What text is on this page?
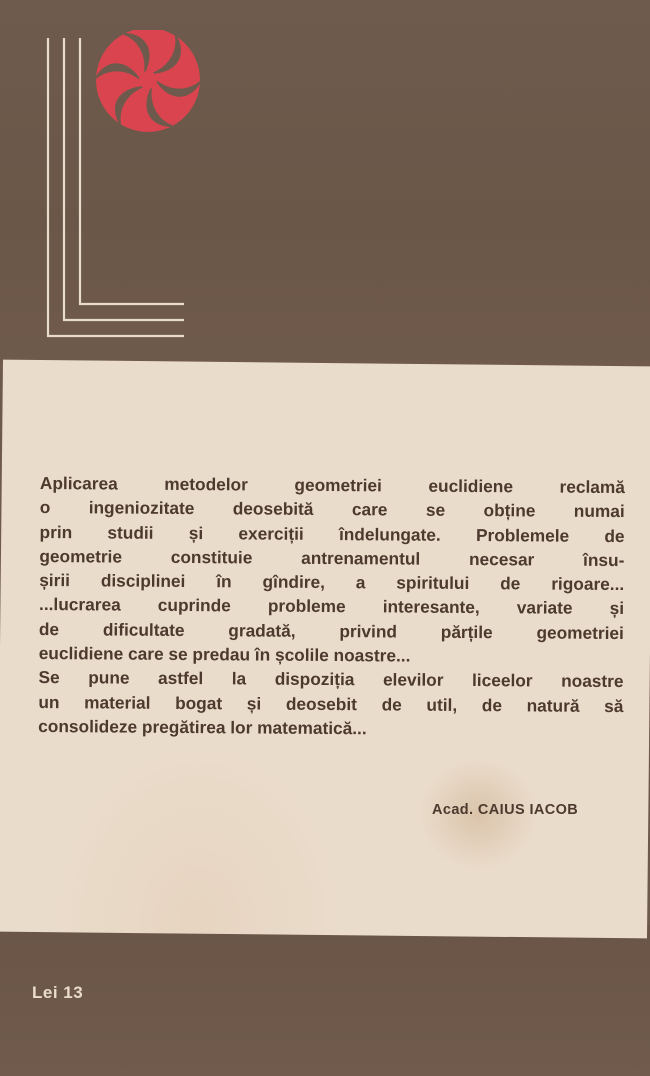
Aplicarea metodelor geometriei euclidiene reclamă
o ingeniozitate deosebită care se obține numai
prin studii și exerciții îndelungate. Problemele de
geometrie constituie antrenamentul necesar însu-
șirii disciplinei în gîndire, a spiritului de rigoare...
...lucrarea cuprinde probleme interesante, variate și
de dificultate gradată, privind părțile geometriei
euclidiene care se predau în școlile noastre...
Se pune astfel la dispoziția elevilor liceelor noastre
un material bogat și deosebit de util, de natură să
consolideze pregătirea lor matematică...
Acad. CAIUS IACOB
Lei 13
